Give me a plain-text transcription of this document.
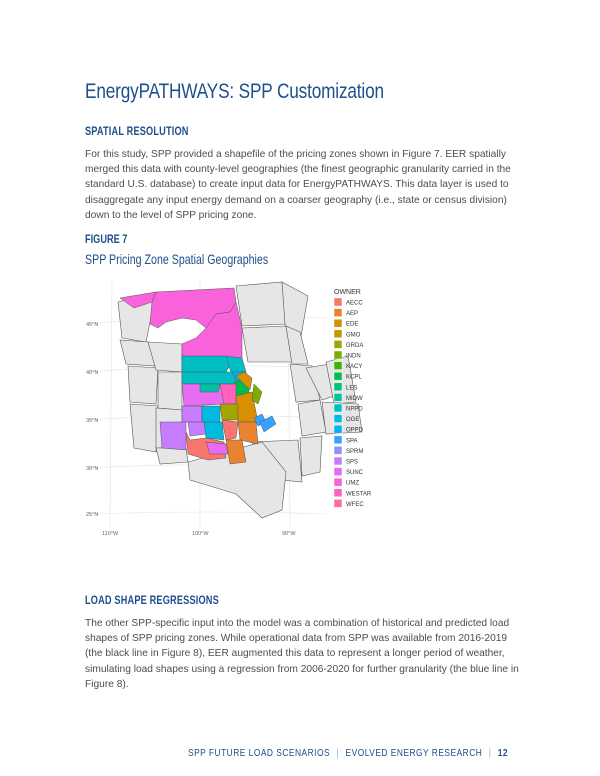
EnergyPATHWAYS: SPP Customization
SPATIAL RESOLUTION
For this study, SPP provided a shapefile of the pricing zones shown in Figure 7. EER spatially merged this data with county-level geographies (the finest geographic granularity carried in the standard U.S. database) to create input data for EnergyPATHWAYS. This data layer is used to disaggregate any input energy demand on a coarser geography (i.e., state or census division) down to the level of SPP pricing zone.
FIGURE 7
SPP Pricing Zone Spatial Geographies
45°N
40°N
35°N
30°N
25°N
110°W	100°W	90°W
OWNER
AECC
AEP
EDE
GMO
GRDA
INDN
KACY
KCPL
LES
MIDW
NPPD
OGE
OPPD
SPA
SPRM
SPS
SUNC
UMZ
WESTAR
WFEC
LOAD SHAPE REGRESSIONS
The other SPP-specific input into the model was a combination of historical and predicted load shapes of SPP pricing zones. While operational data from SPP was available from 2016-2019 (the black line in Figure 8), EER augmented this data to represent a longer period of weather, simulating load shapes using a regression from 2006-2020 for further granularity (the blue line in Figure 8).
SPP FUTURE LOAD SCENARIOS | EVOLVED ENERGY RESEARCH | 12
